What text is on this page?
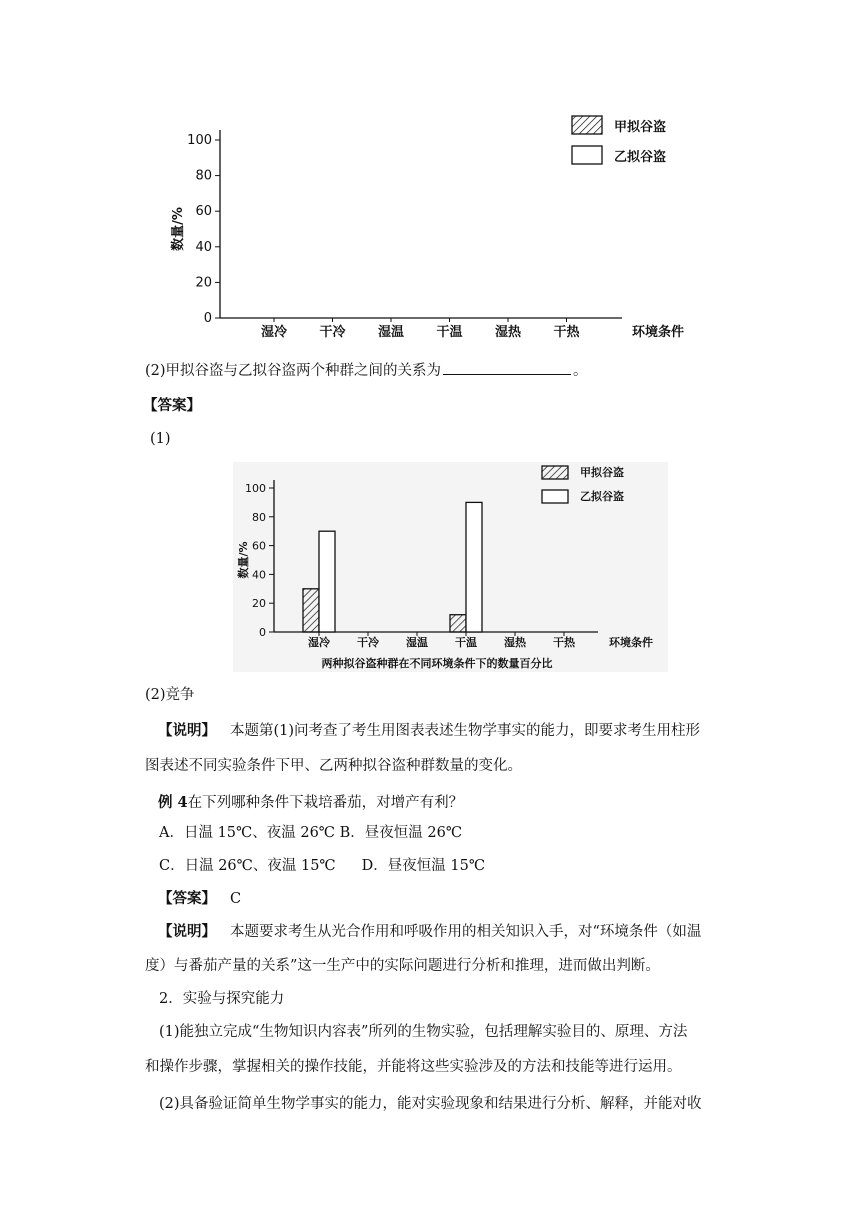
0
20
40
60
80
100
数量/%
湿冷 干冷 湿温 干温 湿热 干热	环境条件
甲拟谷盗
乙拟谷盗
(2)甲拟谷盗与乙拟谷盗两个种群之间的关系为	。
【答案】
(1)
0
20
40
60
80
100
数量/%
湿冷 干冷 湿温 干温 湿热 干热	环境条件
甲拟谷盗
乙拟谷盗
两种拟谷盗种群在不同环境条件下的数量百分比
(2)竞争
【说明】 本题第(1)问考查了考生用图表表述生物学事实的能力，即要求考生用柱形
图表述不同实验条件下甲、乙两种拟谷盗种群数量的变化。
例 4在下列哪种条件下栽培番茄，对增产有利？
A．日温 15℃、夜温 26℃ B．昼夜恒温 26℃
C．日温 26℃、夜温 15℃ D．昼夜恒温 15℃
【答案】 C
【说明】 本题要求考生从光合作用和呼吸作用的相关知识入手，对“环境条件（如温
度）与番茄产量的关系”这一生产中的实际问题进行分析和推理，进而做出判断。
2．实验与探究能力
(1)能独立完成“生物知识内容表”所列的生物实验，包括理解实验目的、原理、方法
和操作步骤，掌握相关的操作技能，并能将这些实验涉及的方法和技能等进行运用。
(2)具备验证简单生物学事实的能力，能对实验现象和结果进行分析、解释，并能对收
